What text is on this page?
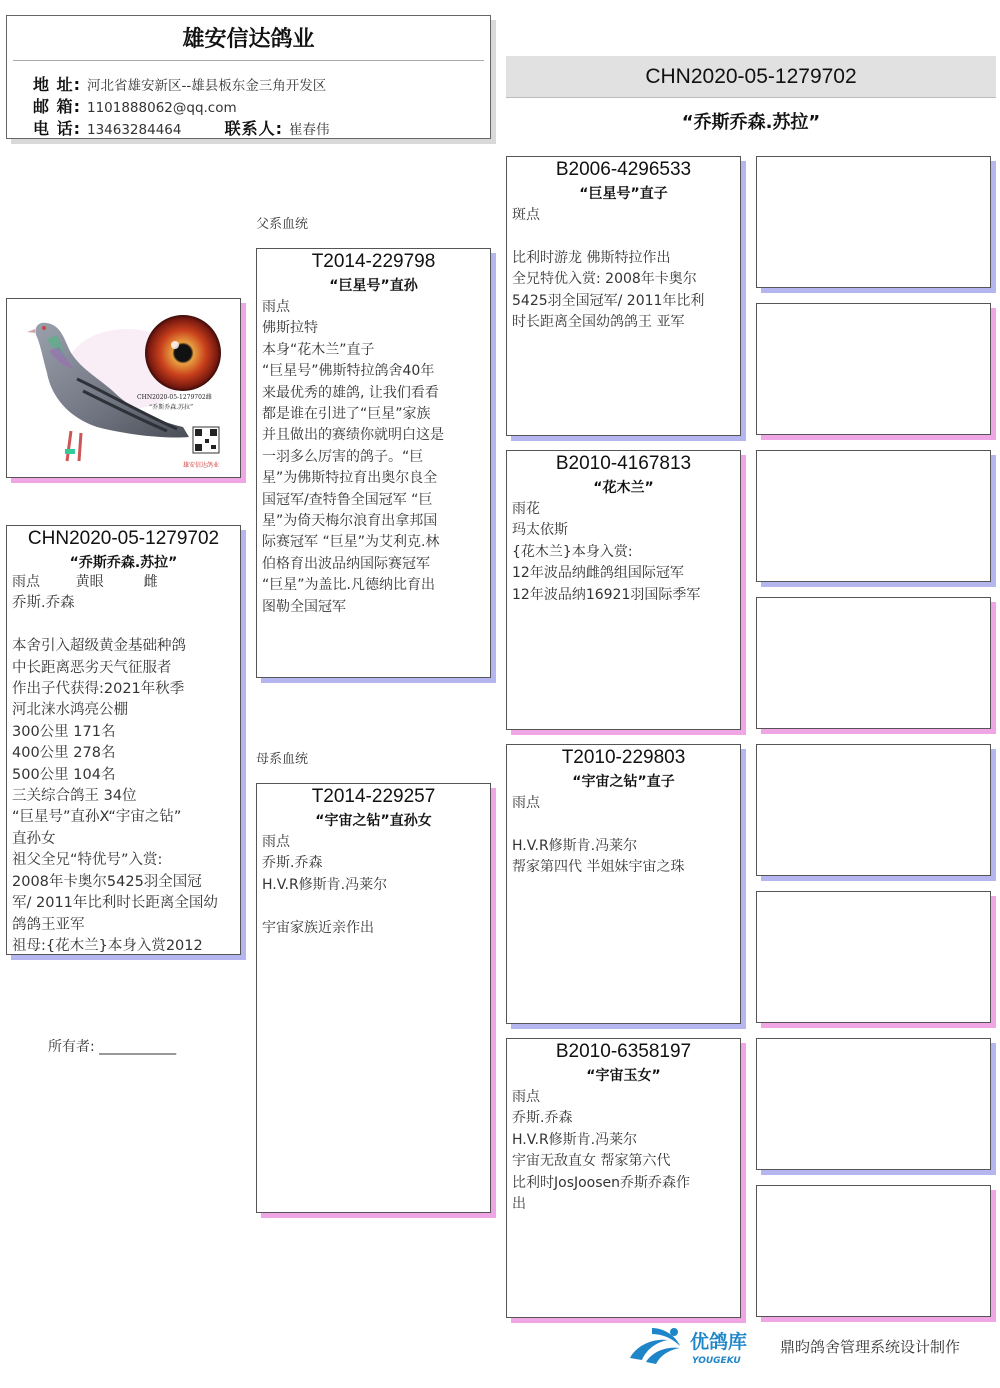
雄安信达鸽业
地 址: 河北省雄安新区--雄县板东金三角开发区
邮 箱: 1101888062@qq.com
电 话: 13463284464	联系人: 崔春伟
CHN2020-05-1279702
“乔斯乔森.苏拉”
父系血统
母系血统
CHN2020-05-1279702雌
“乔斯乔森.苏拉”
雄安信达鸽业
CHN2020-05-1279702
“乔斯乔森.苏拉”
雨点        黄眼         雌
乔斯.乔森

本舍引入超级黄金基础种鸽
中长距离恶劣天气征服者
作出子代获得:2021年秋季
河北涞水鸿亮公棚
300公里 171名
400公里 278名
500公里 104名
三关综合鸽王 34位
“巨星号”直孙X“宇宙之钻”
直孙女
祖父全兄“特优号”入赏:
2008年卡奥尔5425羽全国冠
军/ 2011年比利时长距离全国幼
鸽鸽王亚军
祖母:{花木兰}本身入赏2012
所有者: ___________
T2014-229798
“巨星号”直孙
雨点
佛斯拉特
本身“花木兰”直子
“巨星号”佛斯特拉鸽舍40年
来最优秀的雄鸽, 让我们看看
都是谁在引进了“巨星”家族
并且做出的赛绩你就明白这是
一羽多么厉害的鸽子。“巨
星”为佛斯特拉育出奥尔良全
国冠军/查特鲁全国冠军 “巨
星”为倚天梅尔浪育出拿邦国
际赛冠军 “巨星”为艾利克.林
伯格育出波品纳国际赛冠军
“巨星”为盖比.凡德纳比育出
图勒全国冠军
T2014-229257
“宇宙之钻”直孙女
雨点
乔斯.乔森
H.V.R修斯肯.冯莱尔

宇宙家族近亲作出
B2006-4296533
“巨星号”直子
斑点

比利时游龙 佛斯特拉作出
全兄特优入赏: 2008年卡奥尔
5425羽全国冠军/ 2011年比利
时长距离全国幼鸽鸽王 亚军
B2010-4167813
“花木兰”
雨花
玛太依斯
{花木兰}本身入赏:
12年波品纳雌鸽组国际冠军
12年波品纳16921羽国际季军
T2010-229803
“宇宙之钻”直子
雨点

H.V.R修斯肯.冯莱尔
帮家第四代 半姐妹宇宙之珠
B2010-6358197
“宇宙玉女”
雨点
乔斯.乔森
H.V.R修斯肯.冯莱尔
宇宙无敌直女 帮家第六代
比利时JosJoosen乔斯乔森作
出
优鸽库
YOUGEKU
鼎昀鸽舍管理系统设计制作
